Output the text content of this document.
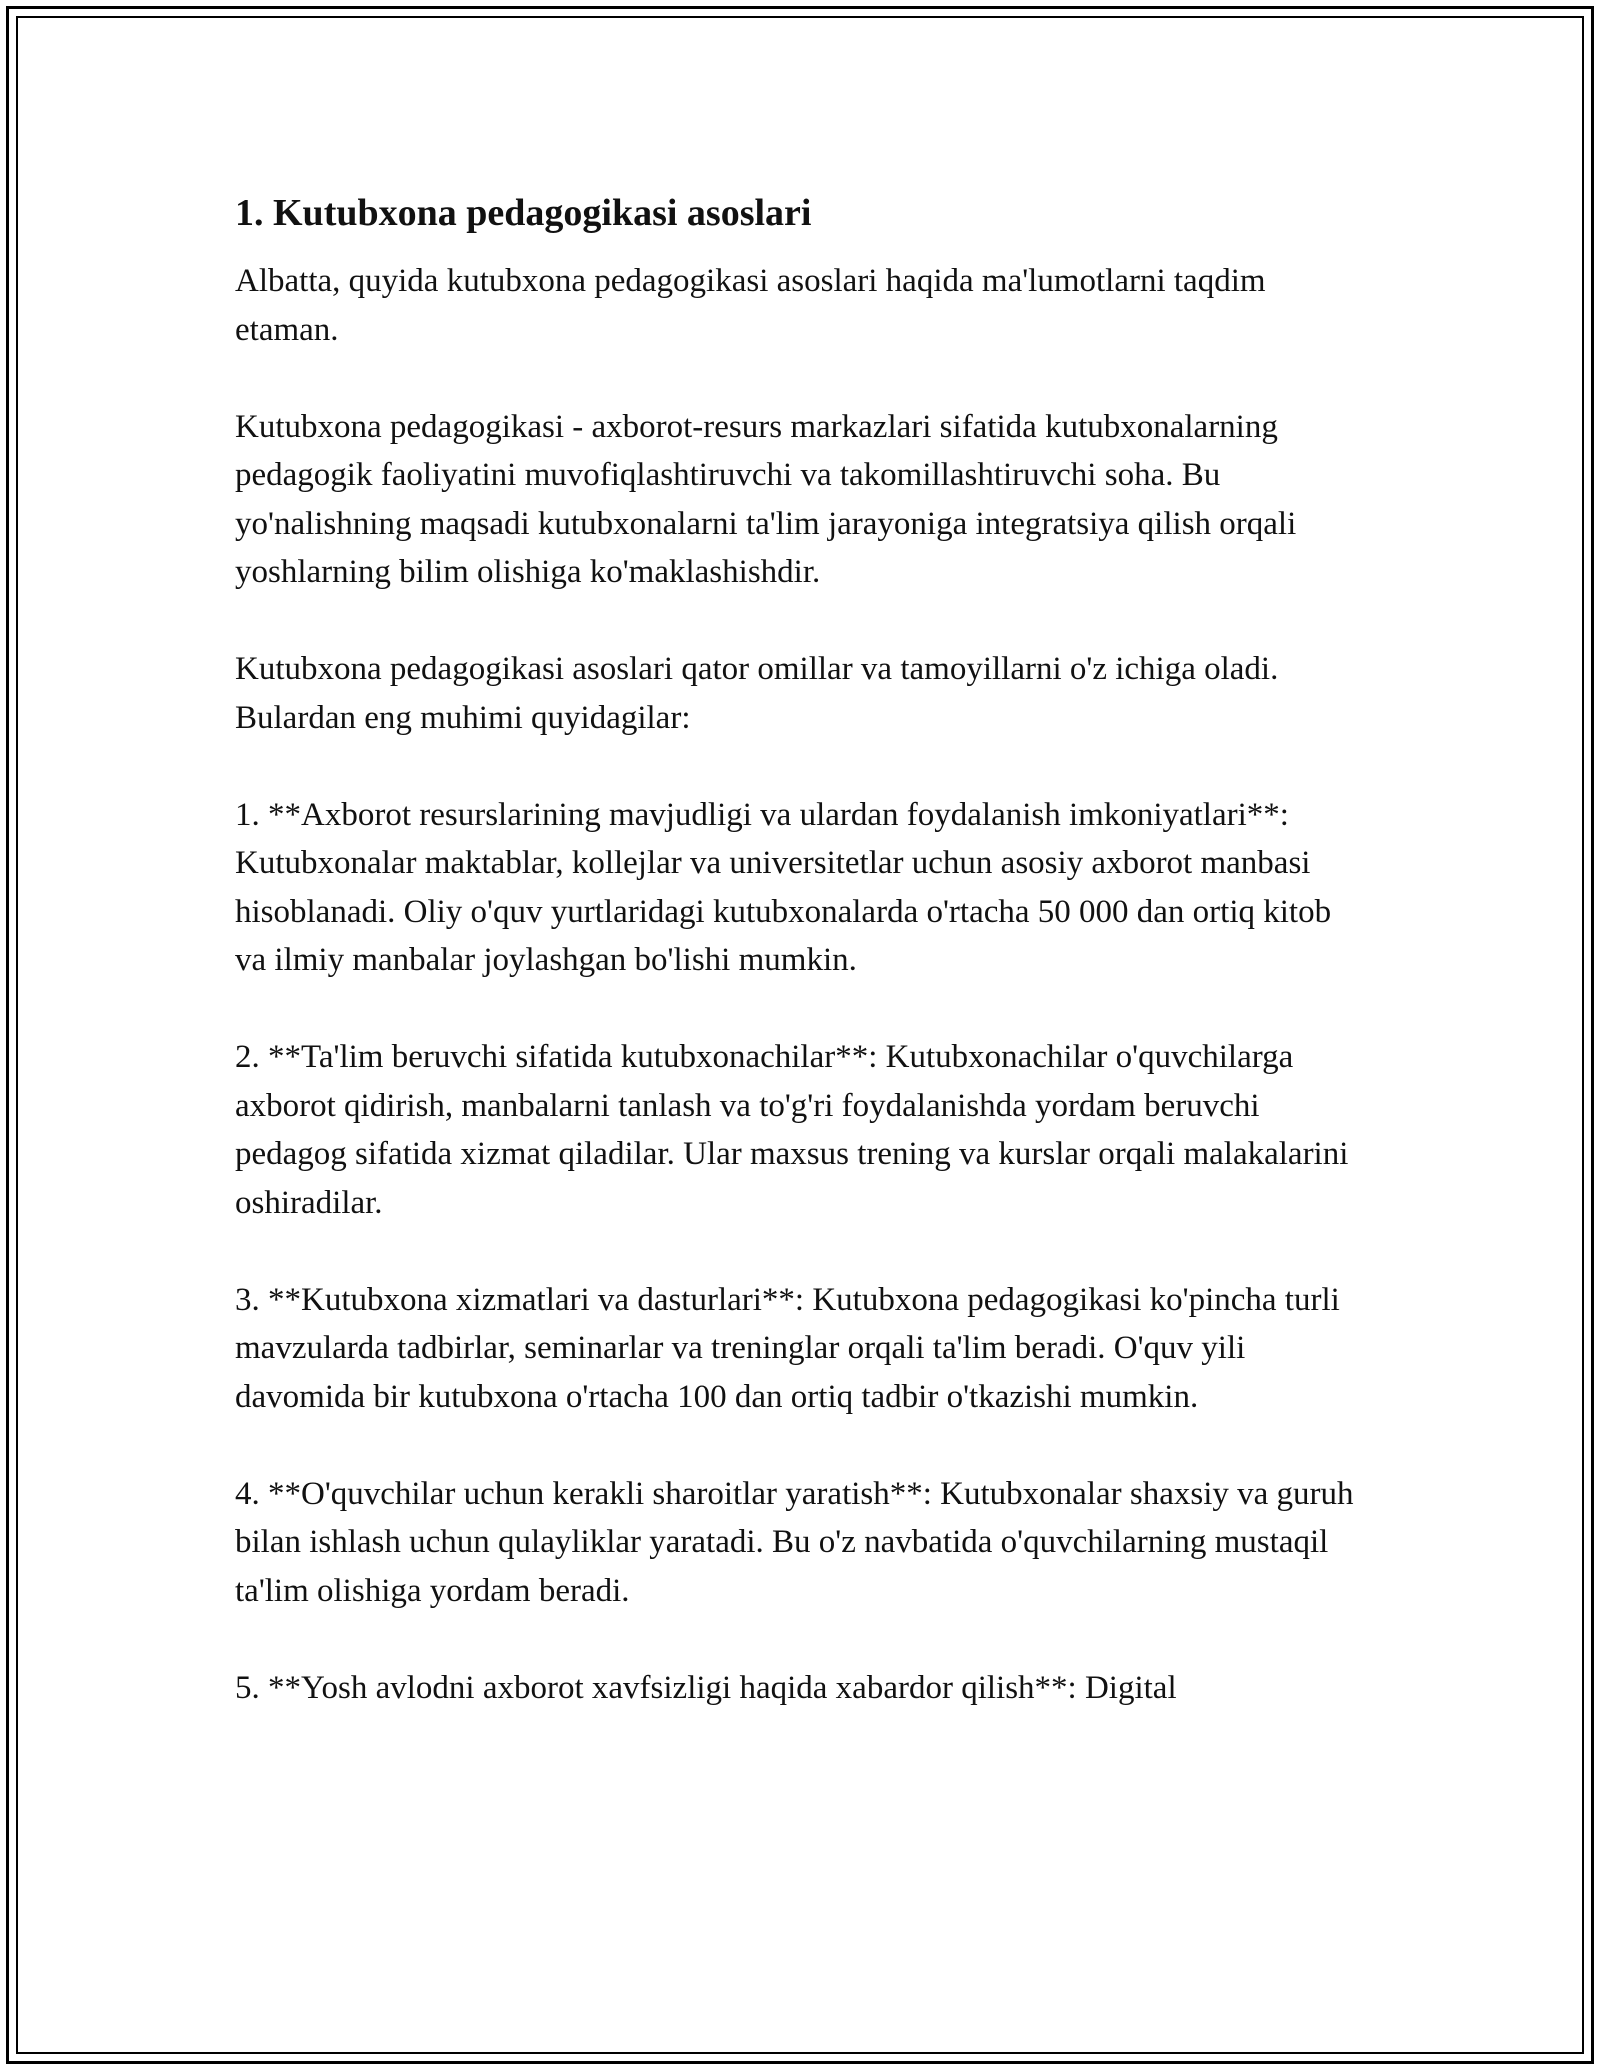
1. Kutubxona pedagogikasi asoslari

Albatta, quyida kutubxona pedagogikasi asoslari haqida ma'lumotlarni taqdim etaman.

Kutubxona pedagogikasi - axborot-resurs markazlari sifatida kutubxonalarning pedagogik faoliyatini muvofiqlashtiruvchi va takomillashtiruvchi soha. Bu yo'nalishning maqsadi kutubxonalarni ta'lim jarayoniga integratsiya qilish orqali yoshlarning bilim olishiga ko'maklashishdir.

Kutubxona pedagogikasi asoslari qator omillar va tamoyillarni o'z ichiga oladi. Bulardan eng muhimi quyidagilar:

1. **Axborot resurslarining mavjudligi va ulardan foydalanish imkoniyatlari**: Kutubxonalar maktablar, kollejlar va universitetlar uchun asosiy axborot manbasi hisoblanadi. Oliy o'quv yurtlaridagi kutubxonalarda o'rtacha 50 000 dan ortiq kitob va ilmiy manbalar joylashgan bo'lishi mumkin.

2. **Ta'lim beruvchi sifatida kutubxonachilar**: Kutubxonachilar o'quvchilarga axborot qidirish, manbalarni tanlash va to'g'ri foydalanishda yordam beruvchi pedagog sifatida xizmat qiladilar. Ular maxsus trening va kurslar orqali malakalarini oshiradilar.

3. **Kutubxona xizmatlari va dasturlari**: Kutubxona pedagogikasi ko'pincha turli mavzularda tadbirlar, seminarlar va treninglar orqali ta'lim beradi. O'quv yili davomida bir kutubxona o'rtacha 100 dan ortiq tadbir o'tkazishi mumkin.

4. **O'quvchilar uchun kerakli sharoitlar yaratish**: Kutubxonalar shaxsiy va guruh bilan ishlash uchun qulayliklar yaratadi. Bu o'z navbatida o'quvchilarning mustaqil ta'lim olishiga yordam beradi.

5. **Yosh avlodni axborot xavfsizligi haqida xabardor qilish**: Digital
